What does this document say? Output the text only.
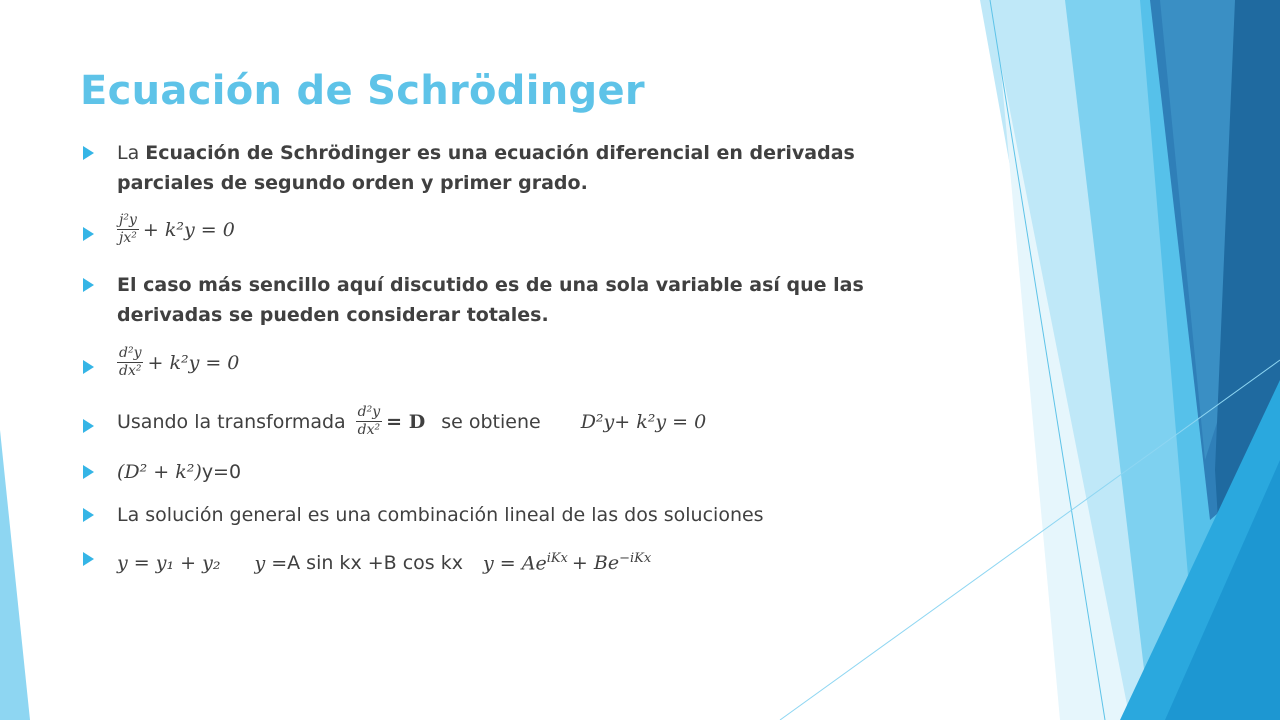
Ecuación de Schrödinger
La Ecuación de Schrödinger es una ecuación diferencial en derivadas
parciales de segundo orden y primer grado.
$\frac{\text{j²y}}{\text{jx²}} + k^2y = 0$
El caso más sencillo aquí discutido es de una sola variable así que las
derivadas se pueden considerar totales.
$\frac{\text{d²y}}{\text{dx²}} + k^2y = 0$
Usando la transformada $\frac{\text{d²y}}{\text{dx²}} = D$ se obtiene D²y+ k²y = 0
(D² + k²)y=0
La solución general es una combinación lineal de las dos soluciones
y = y₁ + y₂ y =A sin kx +B cos kx $y = Ae^{iKx} + Be^{-iKx}$
